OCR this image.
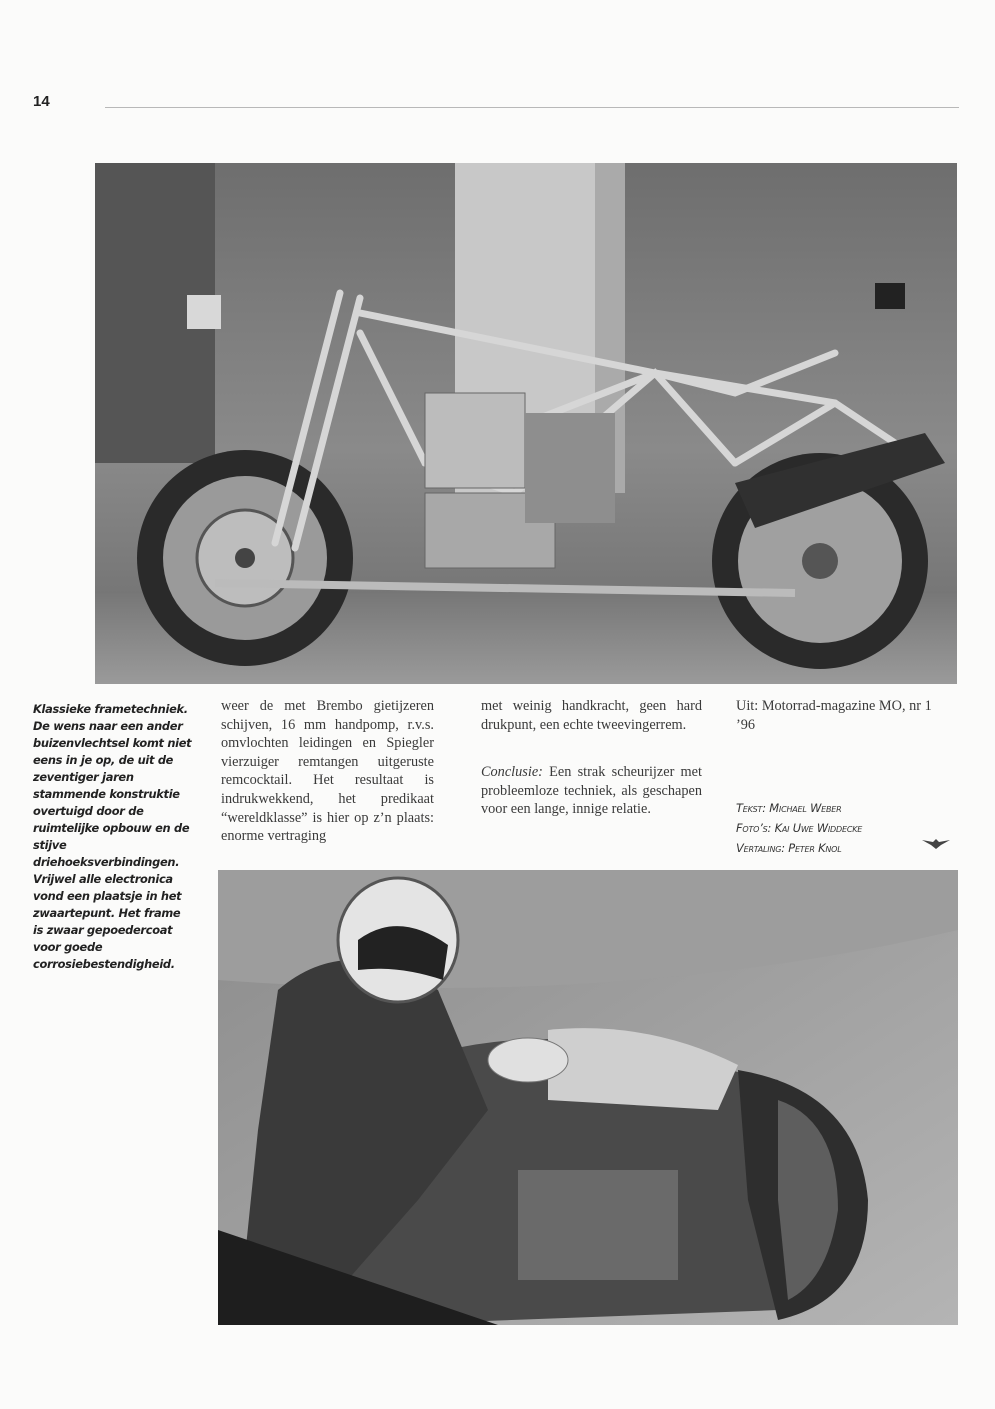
14
Klassieke frametechniek. De wens naar een ander buizenvlechtsel komt niet eens in je op, de uit de zeventiger jaren stammende konstruktie overtuigd door de ruimtelijke opbouw en de stijve driehoeksverbindingen. Vrijwel alle electronica vond een plaatsje in het zwaartepunt. Het frame is zwaar gepoedercoat voor goede corrosiebestendigheid.

weer de met Brembo gietijzeren schijven, 16 mm handpomp, r.v.s. omvlochten leidingen en Spiegler vierzuiger remtangen uitgeruste remcocktail. Het resultaat is indrukwekkend, het predikaat “wereldklasse” is hier op z’n plaats: enorme vertraging

met weinig handkracht, geen hard drukpunt, een echte tweevingerrem.

Conclusie: Een strak scheurijzer met probleemloze techniek, als geschapen voor een lange, innige relatie.

Uit: Motorrad-magazine MO, nr 1 ’96

Tekst: Michael Weber
Foto’s: Kai Uwe Widdecke
Vertaling: Peter Knol
